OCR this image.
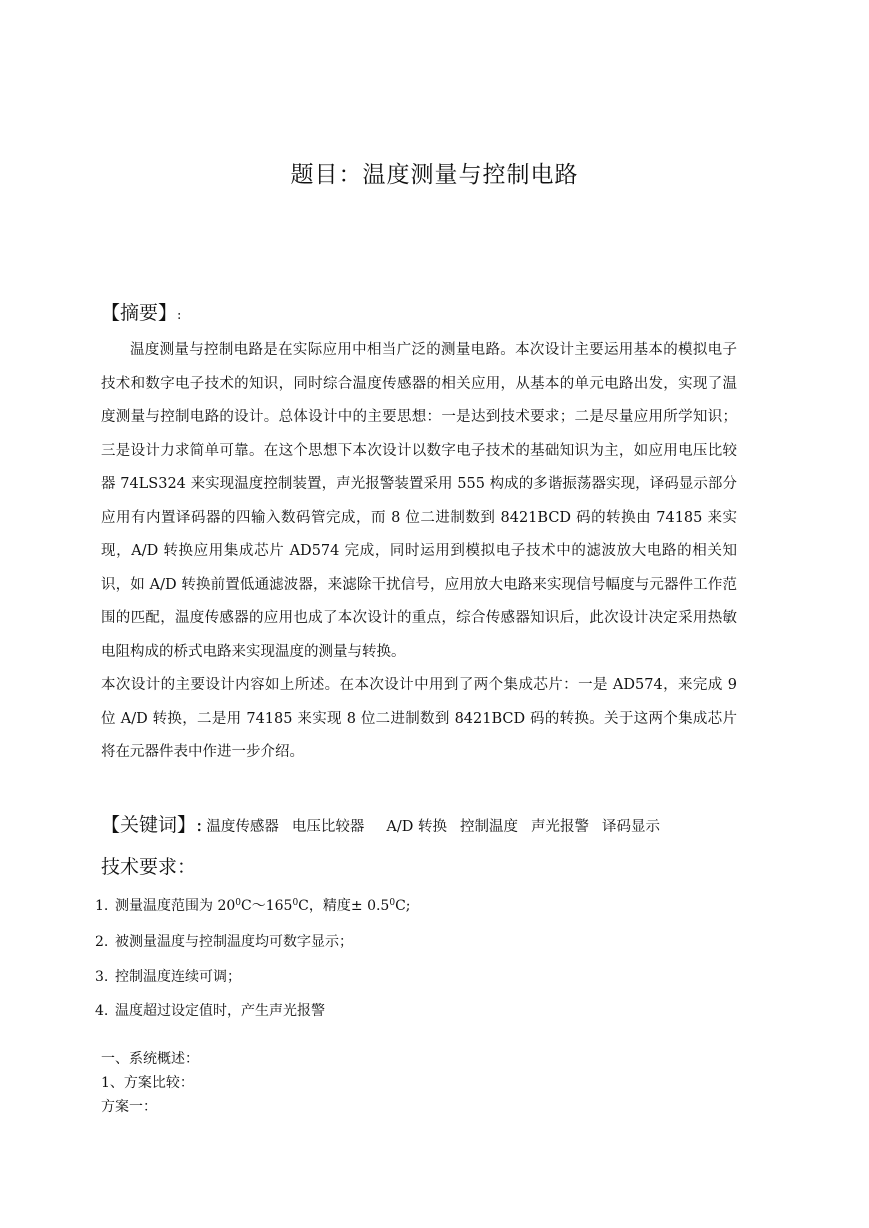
题目：温度测量与控制电路
【摘要】:

温度测量与控制电路是在实际应用中相当广泛的测量电路。本次设计主要运用基本的模拟电子技术和数字电子技术的知识，同时综合温度传感器的相关应用，从基本的单元电路出发，实现了温度测量与控制电路的设计。总体设计中的主要思想：一是达到技术要求；二是尽量应用所学知识；三是设计力求简单可靠。在这个思想下本次设计以数字电子技术的基础知识为主，如应用电压比较器 74LS324 来实现温度控制装置，声光报警装置采用 555 构成的多谐振荡器实现，译码显示部分应用有内置译码器的四输入数码管完成，而 8 位二进制数到 8421BCD 码的转换由 74185 来实现，A/D 转换应用集成芯片 AD574 完成，同时运用到模拟电子技术中的滤波放大电路的相关知识，如 A/D 转换前置低通滤波器，来滤除干扰信号，应用放大电路来实现信号幅度与元器件工作范围的匹配，温度传感器的应用也成了本次设计的重点，综合传感器知识后，此次设计决定采用热敏电阻构成的桥式电路来实现温度的测量与转换。

本次设计的主要设计内容如上所述。在本次设计中用到了两个集成芯片：一是 AD574，来完成 9 位 A/D 转换，二是用 74185 来实现 8 位二进制数到 8421BCD 码的转换。关于这两个集成芯片将在元器件表中作进一步介绍。

【关键词】: 温度传感器 电压比较器 A/D 转换 控制温度 声光报警 译码显示
技术要求：
1. 测量温度范围为 $20^0C\sim 165^0C$，精度± $0.5^0C$;
2. 被测量温度与控制温度均可数字显示；
3. 控制温度连续可调；
4. 温度超过设定值时，产生声光报警
一、系统概述：
1、方案比较：
方案一：
